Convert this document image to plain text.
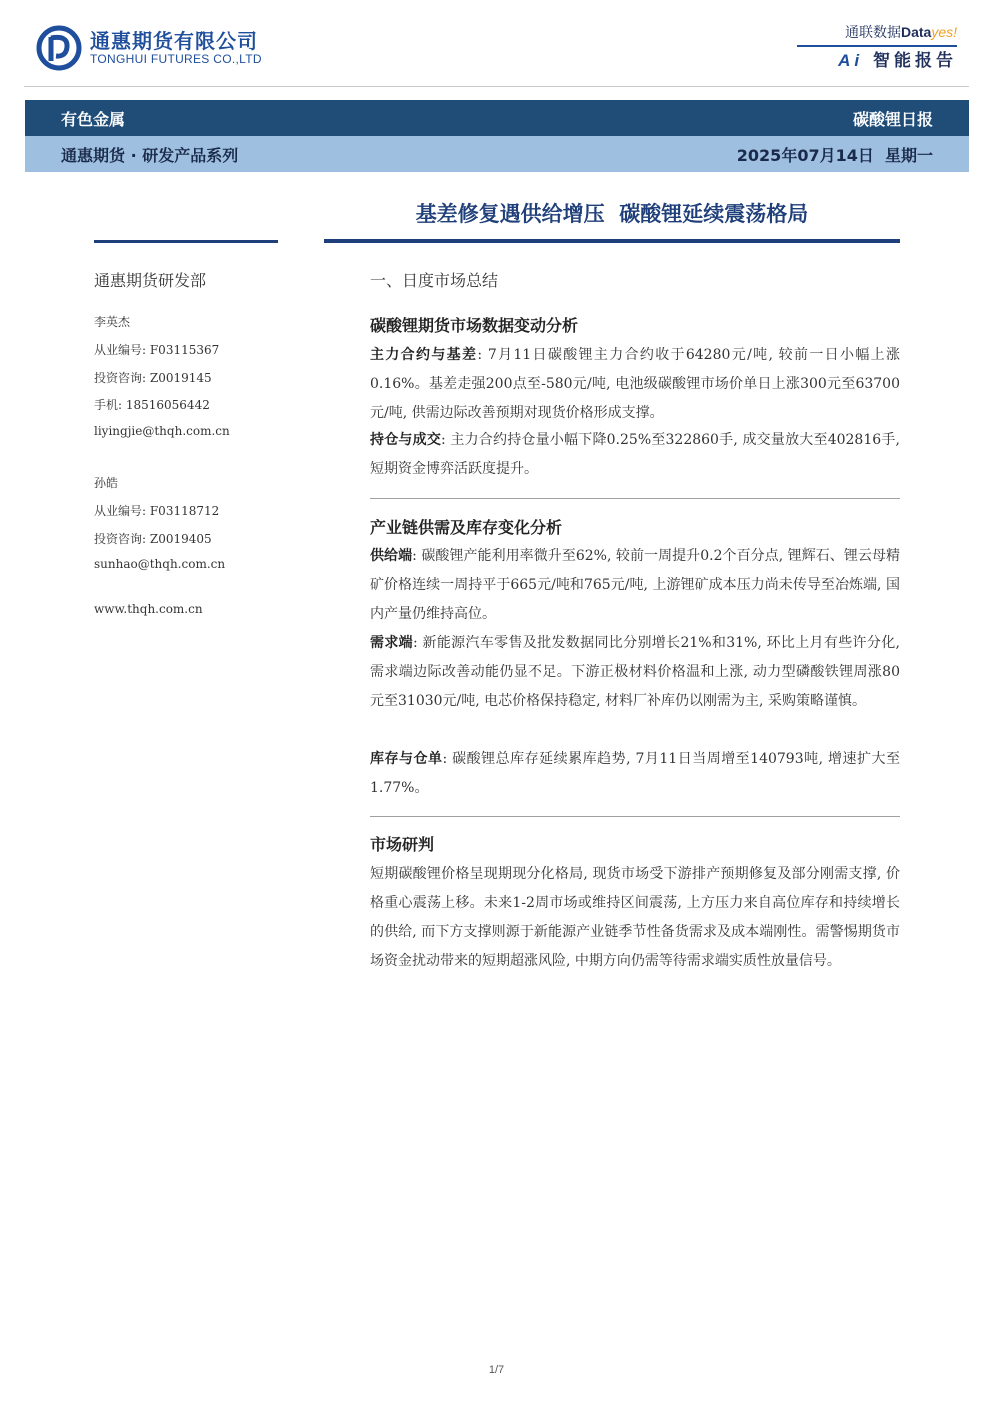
通惠期货有限公司
TONGHUI FUTURES CO.,LTD
通联数据Datayes!
Ai 智能报告
有色金属	碳酸锂日报
通惠期货 · 研发产品系列	2025年07月14日  星期一
基差修复遇供给增压  碳酸锂延续震荡格局
通惠期货研发部
李英杰
从业编号: F03115367
投资咨询: Z0019145
手机: 18516056442
liyingjie@thqh.com.cn
孙皓
从业编号: F03118712
投资咨询: Z0019405
sunhao@thqh.com.cn
www.thqh.com.cn
一、日度市场总结
碳酸锂期货市场数据变动分析
主力合约与基差: 7月11日碳酸锂主力合约收于64280元/吨, 较前一日小幅上涨0.16%。基差走强200点至-580元/吨, 电池级碳酸锂市场价单日上涨300元至63700元/吨, 供需边际改善预期对现货价格形成支撑。
持仓与成交: 主力合约持仓量小幅下降0.25%至322860手, 成交量放大至402816手, 短期资金博弈活跃度提升。
产业链供需及库存变化分析
供给端: 碳酸锂产能利用率微升至62%, 较前一周提升0.2个百分点, 锂辉石、锂云母精矿价格连续一周持平于665元/吨和765元/吨, 上游锂矿成本压力尚未传导至冶炼端, 国内产量仍维持高位。
需求端: 新能源汽车零售及批发数据同比分别增长21%和31%, 环比上月有些许分化, 需求端边际改善动能仍显不足。下游正极材料价格温和上涨, 动力型磷酸铁锂周涨80元至31030元/吨, 电芯价格保持稳定, 材料厂补库仍以刚需为主, 采购策略谨慎。
库存与仓单: 碳酸锂总库存延续累库趋势, 7月11日当周增至140793吨, 增速扩大至1.77%。
市场研判
短期碳酸锂价格呈现期现分化格局, 现货市场受下游排产预期修复及部分刚需支撑, 价格重心震荡上移。未来1-2周市场或维持区间震荡, 上方压力来自高位库存和持续增长的供给, 而下方支撑则源于新能源产业链季节性备货需求及成本端刚性。需警惕期货市场资金扰动带来的短期超涨风险, 中期方向仍需等待需求端实质性放量信号。
1/7
